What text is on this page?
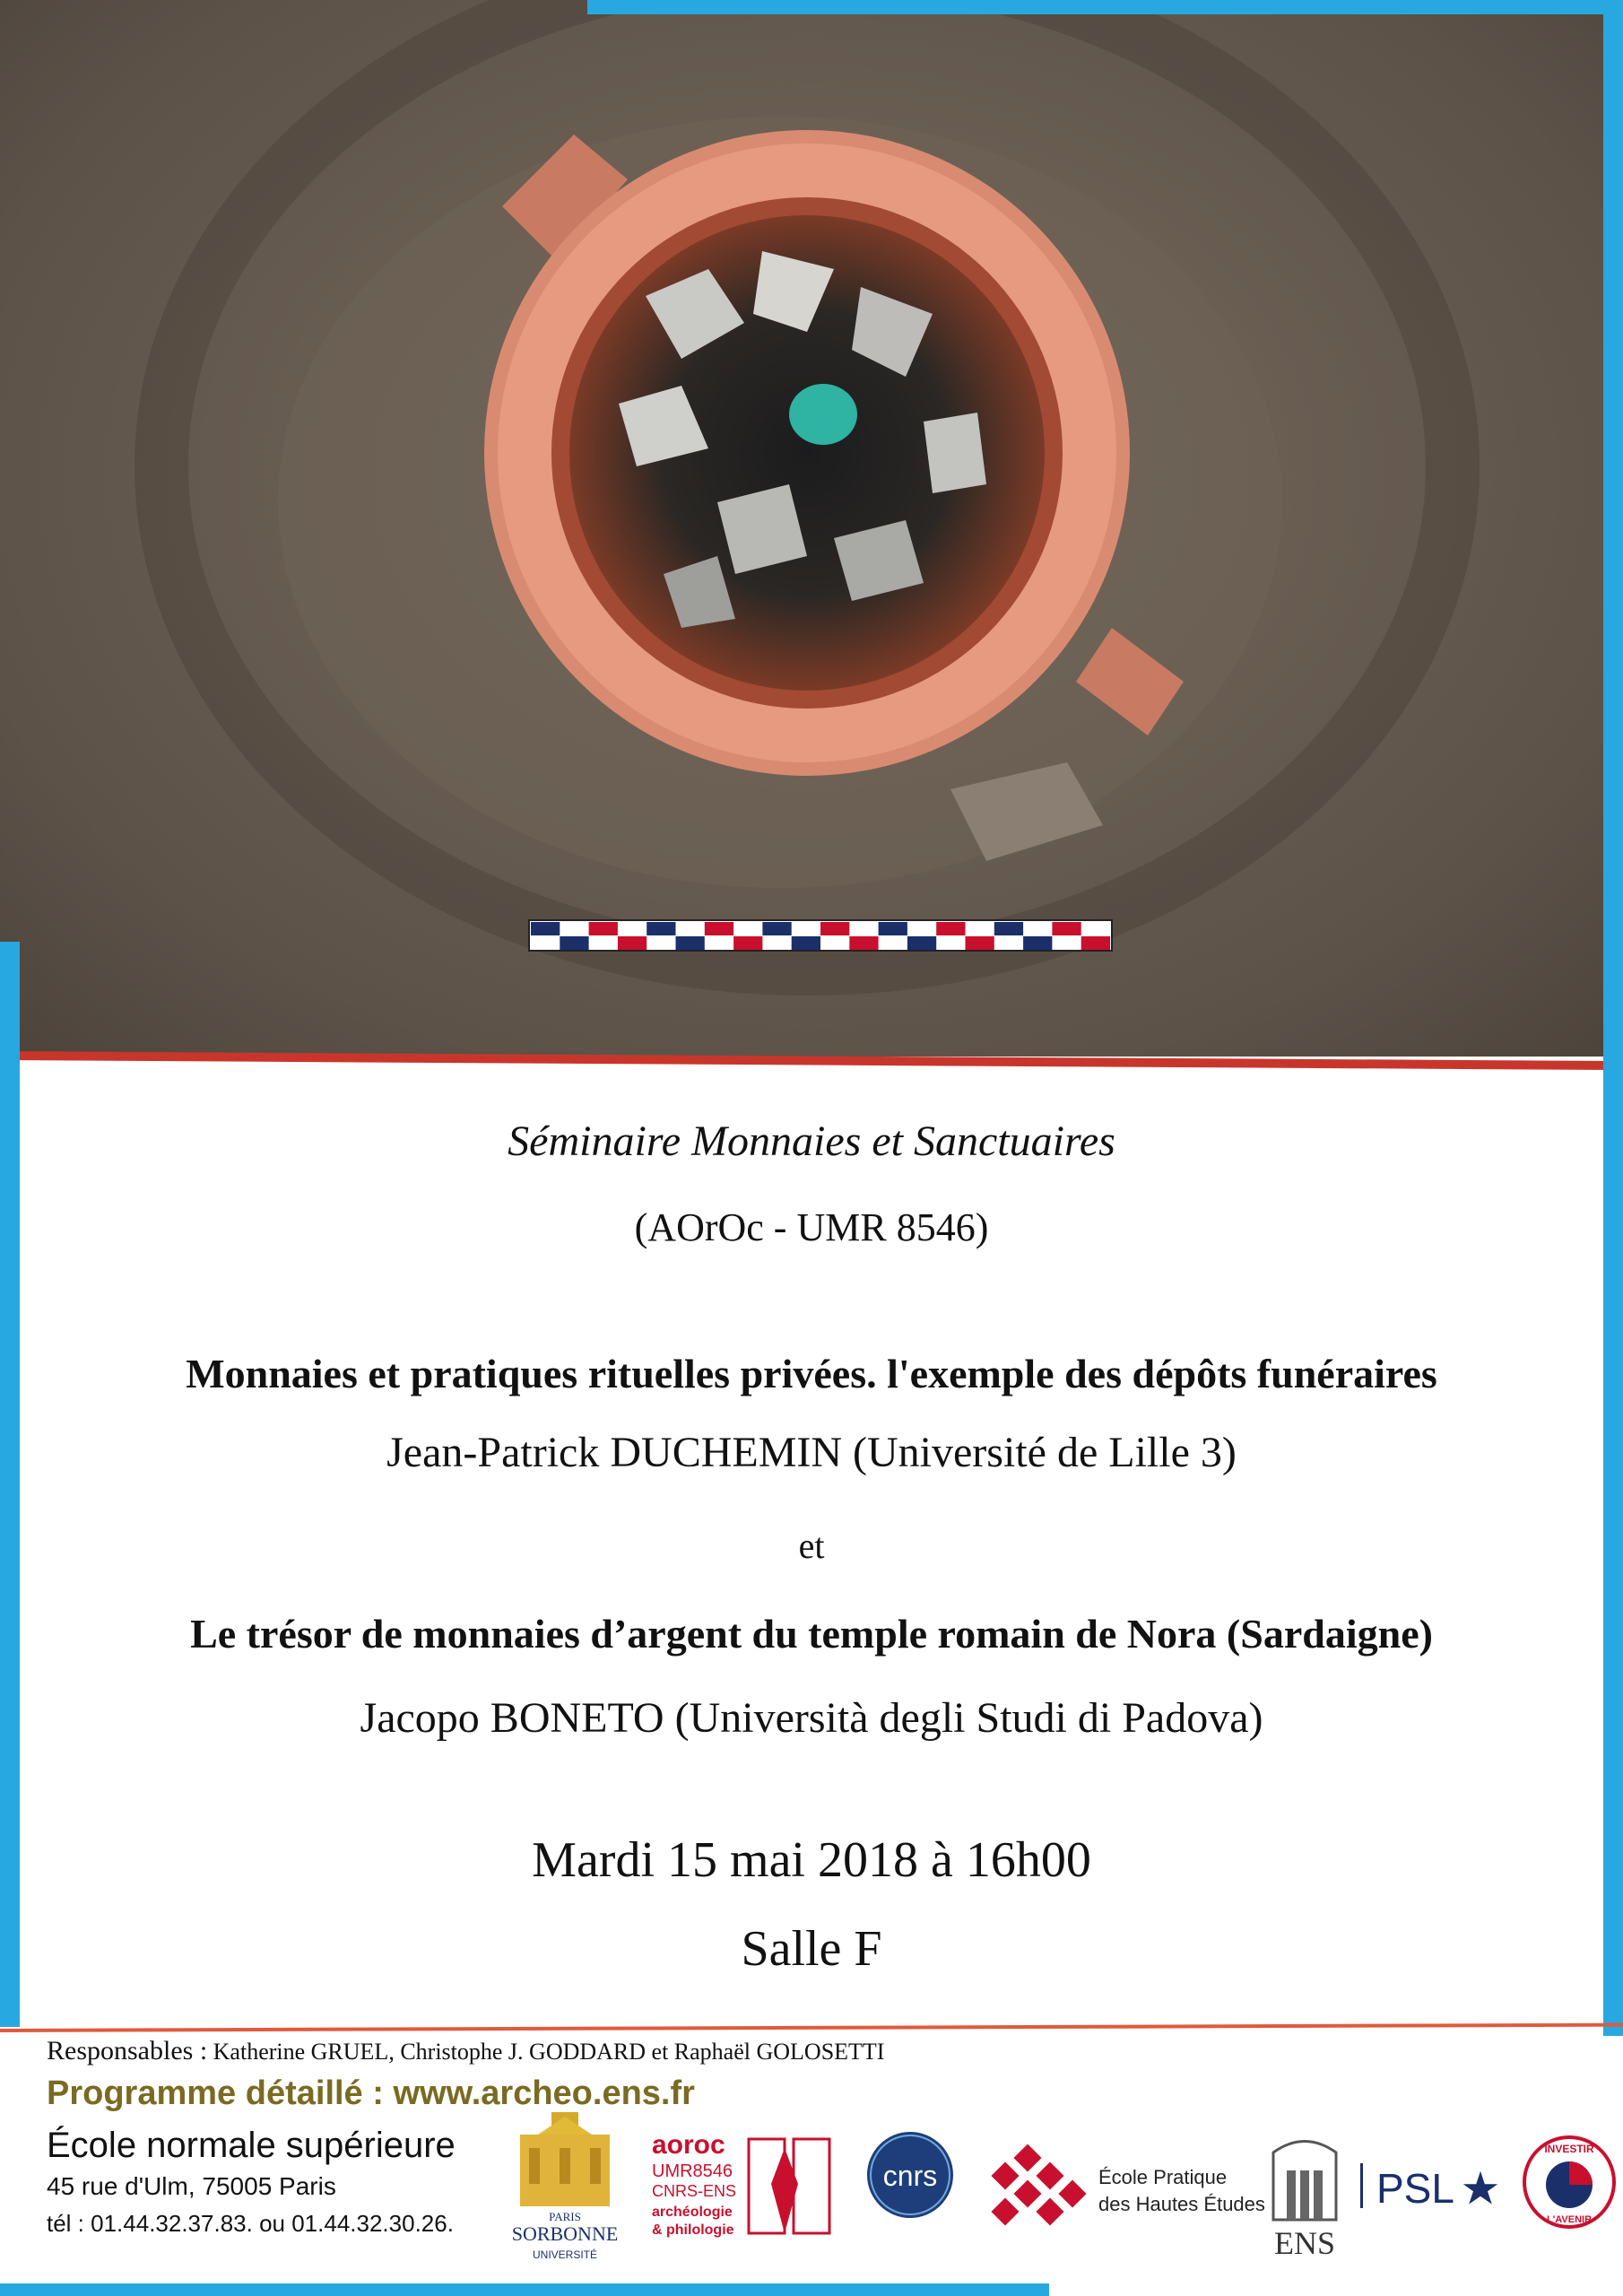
Séminaire Monnaies et Sanctuaires
(AOrOc - UMR 8546)
Monnaies et pratiques rituelles privées. l'exemple des dépôts funéraires
Jean-Patrick DUCHEMIN (Université de Lille 3)
et
Le trésor de monnaies d’argent du temple romain de Nora (Sardaigne)
Jacopo BONETO (Università degli Studi di Padova)
Mardi 15 mai 2018 à 16h00
Salle F
Responsables : Katherine GRUEL, Christophe J. GODDARD et Raphaël GOLOSETTI
Programme détaillé : www.archeo.ens.fr
École normale supérieure
45 rue d'Ulm, 75005 Paris
tél : 01.44.32.37.83. ou 01.44.32.30.26.	PARIS
SORBONNE
UNIVERSITÉ
aoroc
UMR8546
CNRS-ENS
archéologie
& philologie
cnrs	École Pratique
des Hautes Études
ENS
PSL
INVESTIR
L'AVENIR
